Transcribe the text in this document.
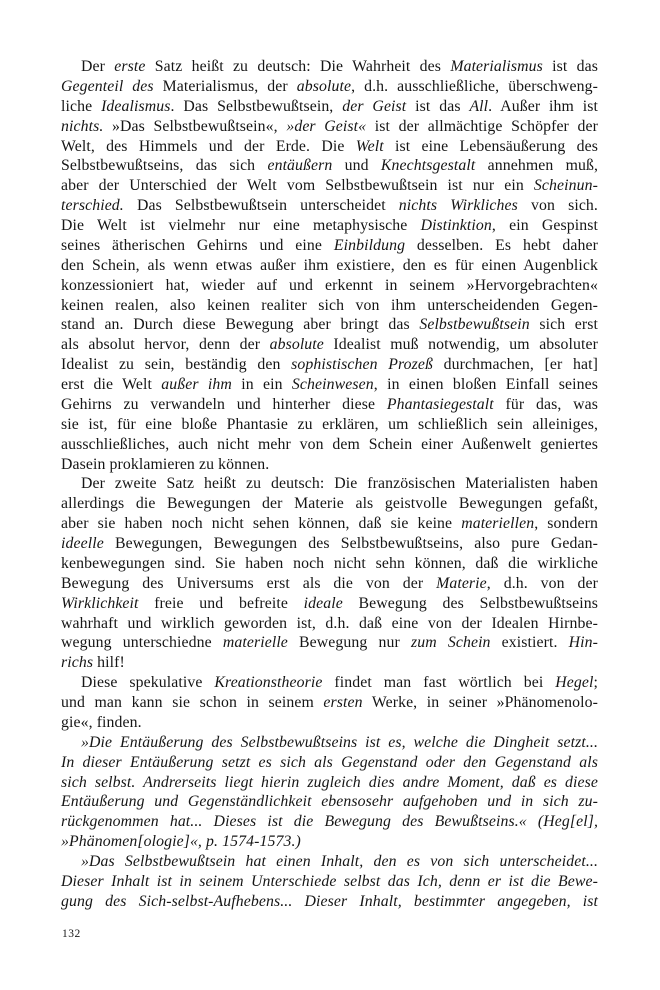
Der erste Satz heißt zu deutsch: Die Wahrheit des Materialismus ist das
Gegenteil des Materialismus, der absolute, d.h. ausschließliche, überschweng-
liche Idealismus. Das Selbstbewußtsein, der Geist ist das All. Außer ihm ist
nichts. »Das Selbstbewußtsein«, »der Geist« ist der allmächtige Schöpfer der
Welt, des Himmels und der Erde. Die Welt ist eine Lebensäußerung des
Selbstbewußtseins, das sich entäußern und Knechtsgestalt annehmen muß,
aber der Unterschied der Welt vom Selbstbewußtsein ist nur ein Scheinun-
terschied. Das Selbstbewußtsein unterscheidet nichts Wirkliches von sich.
Die Welt ist vielmehr nur eine metaphysische Distinktion, ein Gespinst
seines ätherischen Gehirns und eine Einbildung desselben. Es hebt daher
den Schein, als wenn etwas außer ihm existiere, den es für einen Augenblick
konzessioniert hat, wieder auf und erkennt in seinem »Hervorgebrachten«
keinen realen, also keinen realiter sich von ihm unterscheidenden Gegen-
stand an. Durch diese Bewegung aber bringt das Selbstbewußtsein sich erst
als absolut hervor, denn der absolute Idealist muß notwendig, um absoluter
Idealist zu sein, beständig den sophistischen Prozeß durchmachen, [er hat]
erst die Welt außer ihm in ein Scheinwesen, in einen bloßen Einfall seines
Gehirns zu verwandeln und hinterher diese Phantasiegestalt für das, was
sie ist, für eine bloße Phantasie zu erklären, um schließlich sein alleiniges,
ausschließliches, auch nicht mehr von dem Schein einer Außenwelt geniertes
Dasein proklamieren zu können.
Der zweite Satz heißt zu deutsch: Die französischen Materialisten haben
allerdings die Bewegungen der Materie als geistvolle Bewegungen gefaßt,
aber sie haben noch nicht sehen können, daß sie keine materiellen, sondern
ideelle Bewegungen, Bewegungen des Selbstbewußtseins, also pure Gedan-
kenbewegungen sind. Sie haben noch nicht sehn können, daß die wirkliche
Bewegung des Universums erst als die von der Materie, d.h. von der
Wirklichkeit freie und befreite ideale Bewegung des Selbstbewußtseins
wahrhaft und wirklich geworden ist, d.h. daß eine von der Idealen Hirnbe-
wegung unterschiedne materielle Bewegung nur zum Schein existiert. Hin-
richs hilf!
Diese spekulative Kreationstheorie findet man fast wörtlich bei Hegel;
und man kann sie schon in seinem ersten Werke, in seiner »Phänomenolo-
gie«, finden.
»Die Entäußerung des Selbstbewußtseins ist es, welche die Dingheit setzt...
In dieser Entäußerung setzt es sich als Gegenstand oder den Gegenstand als
sich selbst. Andrerseits liegt hierin zugleich dies andre Moment, daß es diese
Entäußerung und Gegenständlichkeit ebensosehr aufgehoben und in sich zu-
rückgenommen hat... Dieses ist die Bewegung des Bewußtseins.« (Heg[el],
»Phänomen[ologie]«, p. 1574-1573.)
»Das Selbstbewußtsein hat einen Inhalt, den es von sich unterscheidet...
Dieser Inhalt ist in seinem Unterschiede selbst das Ich, denn er ist die Bewe-
gung des Sich-selbst-Aufhebens... Dieser Inhalt, bestimmter angegeben, ist
132
